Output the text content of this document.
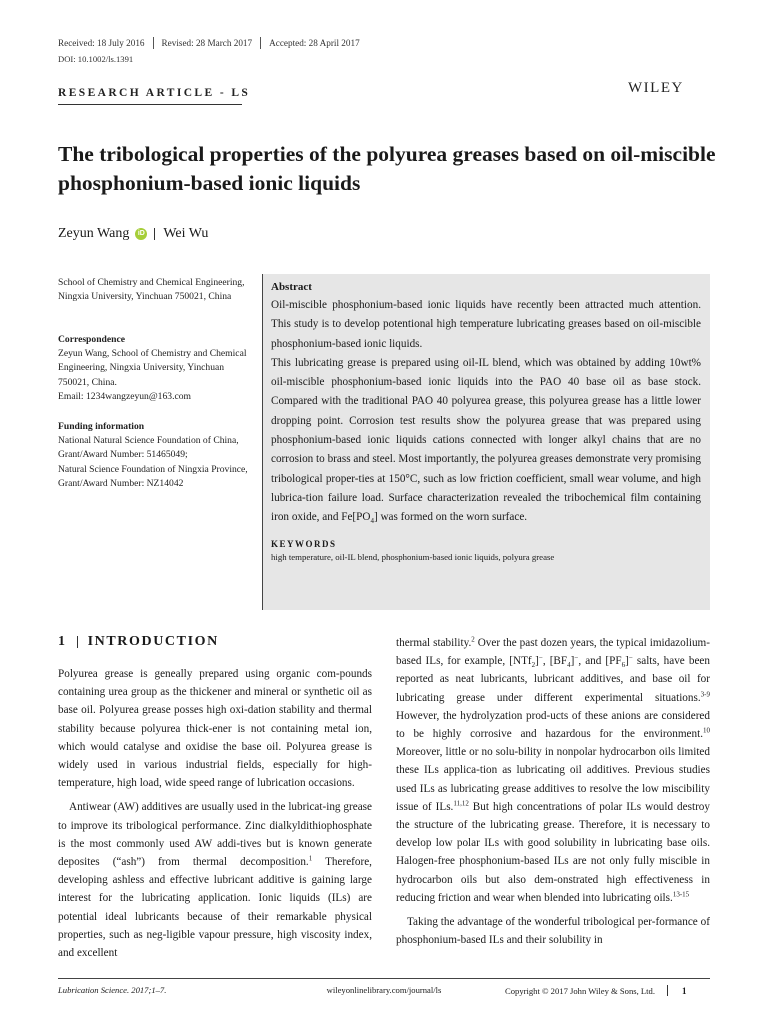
Received: 18 July 2016 Revised: 28 March 2017 Accepted: 28 April 2017
DOI: 10.1002/ls.1391
RESEARCH ARTICLE - LS	WILEY
The tribological properties of the polyurea greases based on oil-miscible phosphonium-based ionic liquids
Zeyun Wang	iD Wei Wu
School of Chemistry and Chemical Engineering, Ningxia University, Yinchuan 750021, China
Correspondence
Zeyun Wang, School of Chemistry and Chemical Engineering, Ningxia University, Yinchuan 750021, China.
Email: 1234wangzeyun@163.com
Funding information
National Natural Science Foundation of China, Grant/Award Number: 51465049;
Natural Science Foundation of Ningxia Province, Grant/Award Number: NZ14042
Abstract

Oil-miscible phosphonium-based ionic liquids have recently been attracted much attention. This study is to develop potentional high temperature lubricating greases based on oil-miscible phosphonium-based ionic liquids.

This lubricating grease is prepared using oil-IL blend, which was obtained by adding 10wt% oil-miscible phosphonium-based ionic liquids into the PAO 40 base oil as base stock. Compared with the traditional PAO 40 polyurea grease, this polyurea grease has a little lower dropping point. Corrosion test results show the polyurea grease that was prepared using phosphonium-based ionic liquids cations connected with longer alkyl chains that are no corrosion to brass and steel. Most importantly, the polyurea greases demonstrate very promising tribological proper-ties at 150°C, such as low friction coefficient, small wear volume, and high lubrica-tion failure load. Surface characterization revealed the tribochemical film containing iron oxide, and $Fe[PO_4]$ was formed on the worn surface.

KEYWORDS
high temperature, oil-IL blend, phosphonium-based ionic liquids, polyura grease
1 INTRODUCTION

Polyurea grease is geneally prepared using organic com-pounds containing urea group as the thickener and mineral or synthetic oil as base oil. Polyurea grease posses high oxi-dation stability and thermal stability because polyurea thick-ener is not containing metal ion, which would catalyse and oxidise the base oil. Polyurea grease is widely used in various industrial fields, especially for high-temperature, high load, wide speed range of lubrication occasions.

Antiwear (AW) additives are usually used in the lubricat-ing grease to improve its tribological performance. Zinc dialkyldithiophosphate is the most commonly used AW addi-tives but is known generate deposites (“ash”) from thermal decomposition.$^1$ Therefore, developing ashless and effective lubricant additive is gaining large interest for the lubricating application. Ionic liquids (ILs) are potential ideal lubricants because of their remarkable physical properties, such as neg-ligible vapour pressure, high viscosity index, and excellent

thermal stability.$^2$ Over the past dozen years, the typical imidazolium-based ILs, for example, [NTf$_2$]−, $[BF_4]^-$, and $[PF_6]^-$ salts, have been reported as neat lubricants, lubricant additives, and base oil for lubricating grease under different experimental situations.$^{3-9}$ However, the hydrolyzation prod-ucts of these anions are considered to be highly corrosive and hazardous for the environment.$^{10}$ Moreover, little or no solu-bility in nonpolar hydrocarbon oils limited these ILs applica-tion as lubricating oil additives. Previous studies used ILs as lubricating grease additives to resolve the low miscibility issue of ILs.$^{11,12}$ But high concentrations of polar ILs would destroy the structure of the lubricating grease. Therefore, it is necessary to develop low polar ILs with good solubility in lubricating base oils. Halogen-free phosphonium-based ILs are not only fully miscible in hydrocarbon oils but also dem-onstrated high effectiveness in reducing friction and wear when blended into lubricating oils.$^{13-15}$

Taking the advantage of the wonderful tribological per-formance of phosphonium-based ILs and their solubility in

Lubrication Science. 2017;1–7.	wileyonlinelibrary.com/journal/ls	Copyright © 2017 John Wiley & Sons, Ltd.	1
